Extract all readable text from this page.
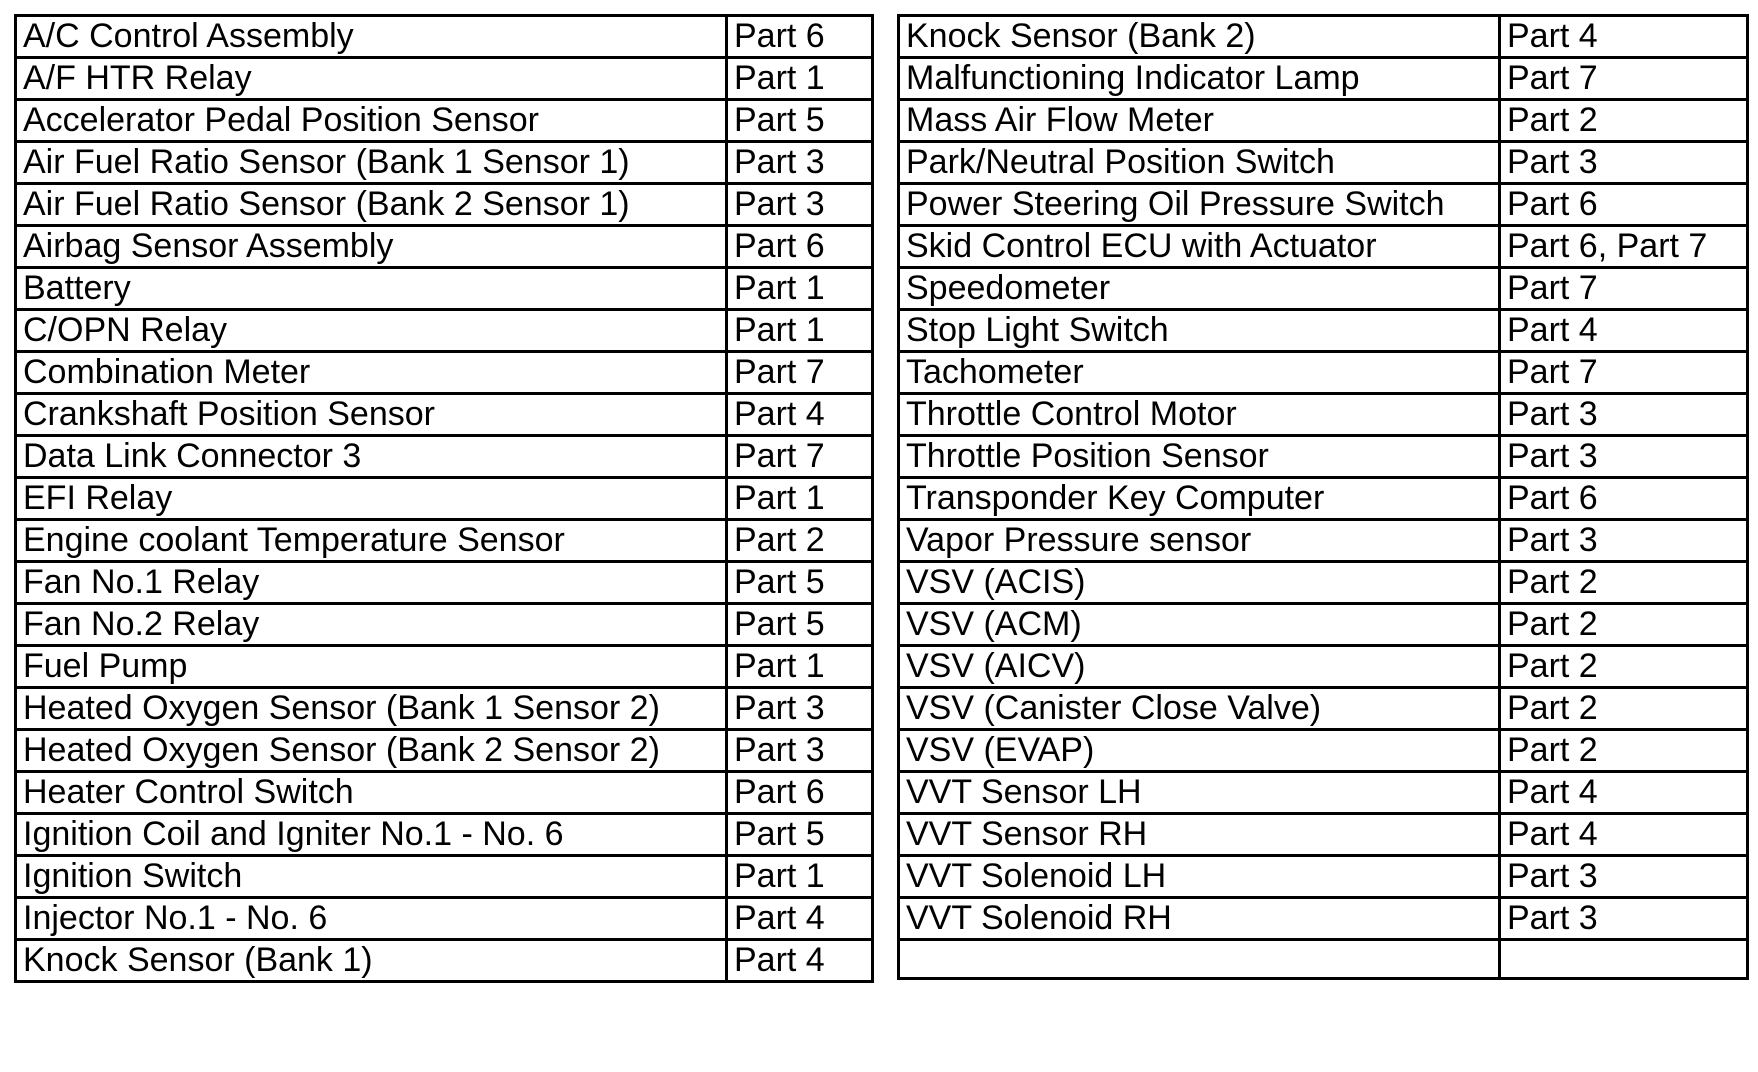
A/C Control Assembly	Part 6
A/F HTR Relay	Part 1
Accelerator Pedal Position Sensor	Part 5
Air Fuel Ratio Sensor (Bank 1 Sensor 1)	Part 3
Air Fuel Ratio Sensor (Bank 2 Sensor 1)	Part 3
Airbag Sensor Assembly	Part 6
Battery	Part 1
C/OPN Relay	Part 1
Combination Meter	Part 7
Crankshaft Position Sensor	Part 4
Data Link Connector 3	Part 7
EFI Relay	Part 1
Engine coolant Temperature Sensor	Part 2
Fan No.1 Relay	Part 5
Fan No.2 Relay	Part 5
Fuel Pump	Part 1
Heated Oxygen Sensor (Bank 1 Sensor 2)	Part 3
Heated Oxygen Sensor (Bank 2 Sensor 2)	Part 3
Heater Control Switch	Part 6
Ignition Coil and Igniter No.1 - No. 6	Part 5
Ignition Switch	Part 1
Injector No.1 - No. 6	Part 4
Knock Sensor (Bank 1)	Part 4
Knock Sensor (Bank 2)	Part 4
Malfunctioning Indicator Lamp	Part 7
Mass Air Flow Meter	Part 2
Park/Neutral Position Switch	Part 3
Power Steering Oil Pressure Switch	Part 6
Skid Control ECU with Actuator	Part 6, Part 7
Speedometer	Part 7
Stop Light Switch	Part 4
Tachometer	Part 7
Throttle Control Motor	Part 3
Throttle Position Sensor	Part 3
Transponder Key Computer	Part 6
Vapor Pressure sensor	Part 3
VSV (ACIS)	Part 2
VSV (ACM)	Part 2
VSV (AICV)	Part 2
VSV (Canister Close Valve)	Part 2
VSV (EVAP)	Part 2
VVT Sensor LH	Part 4
VVT Sensor RH	Part 4
VVT Solenoid LH	Part 3
VVT Solenoid RH	Part 3
